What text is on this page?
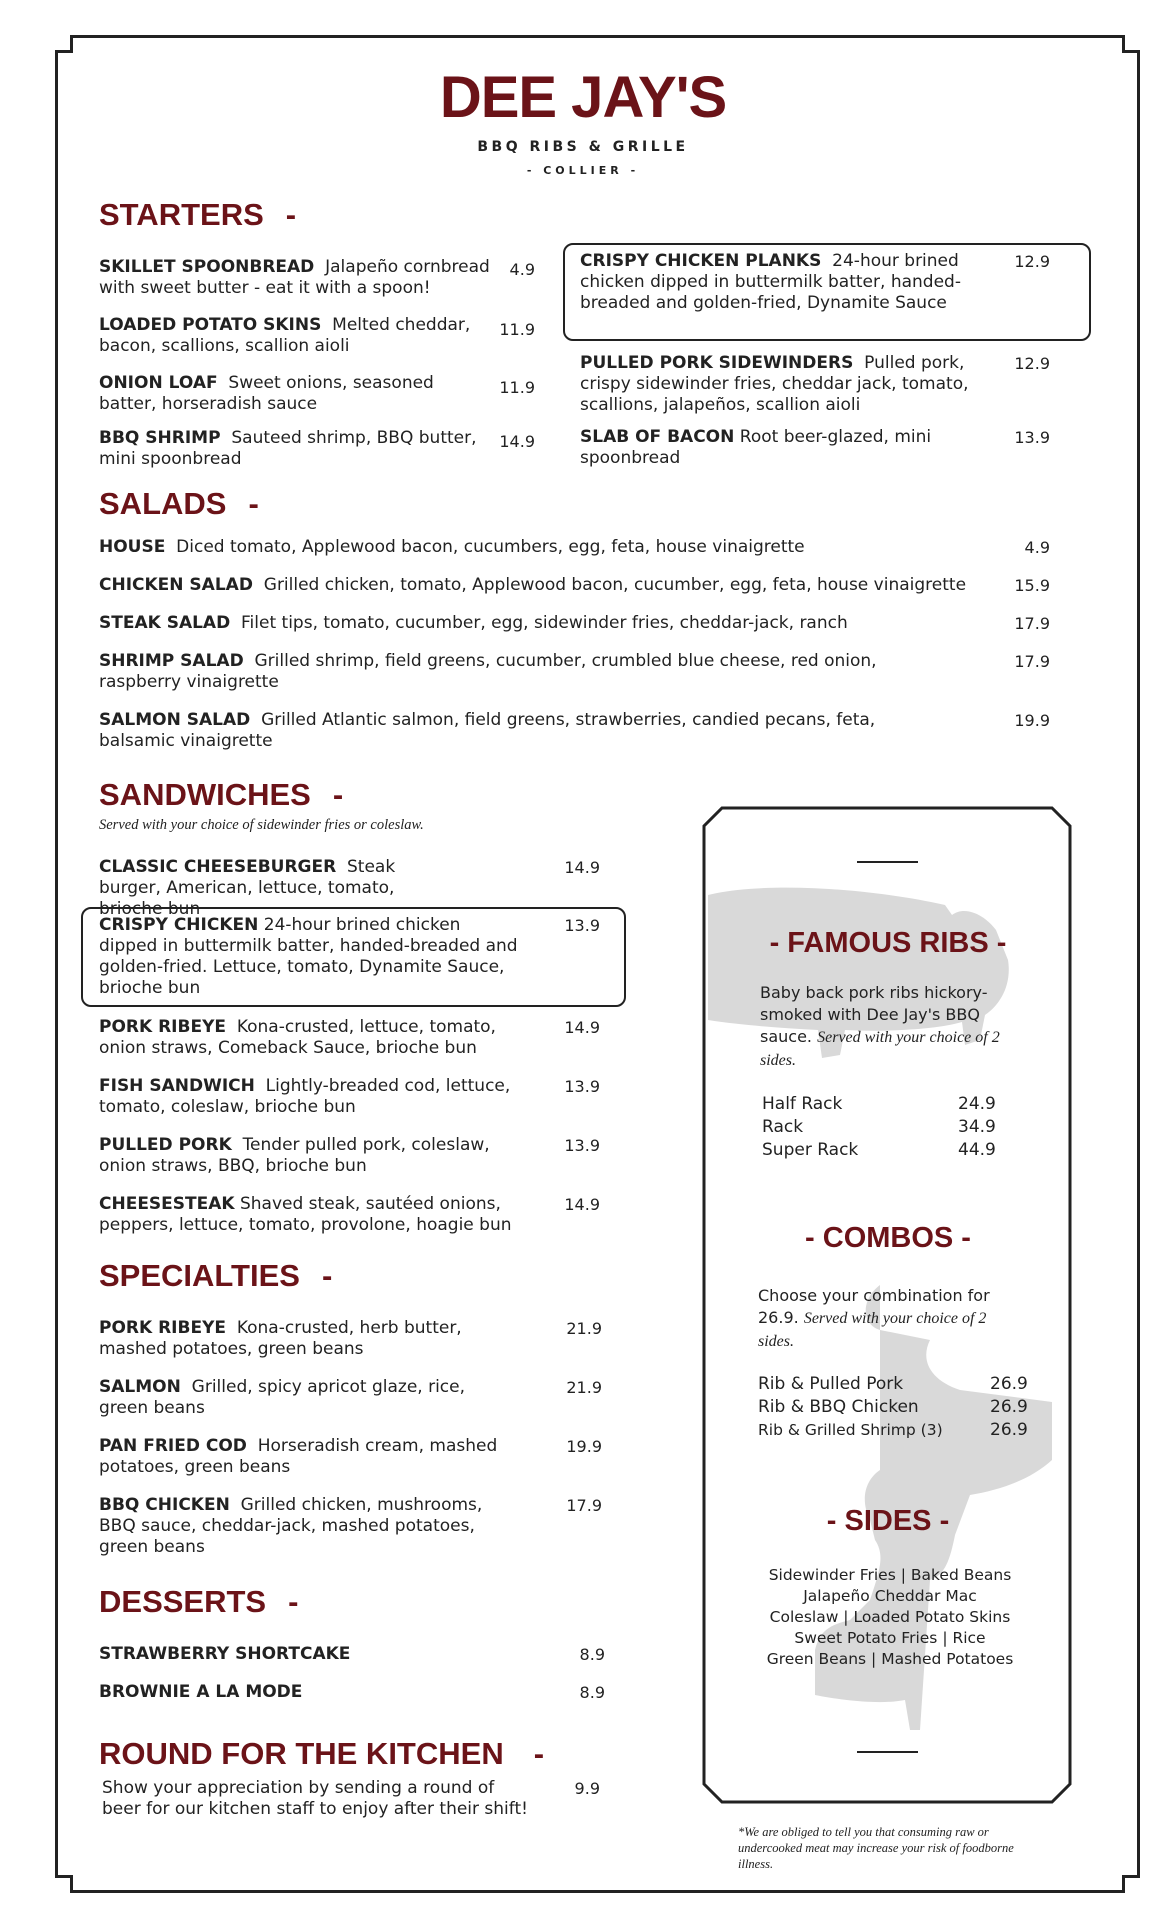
DEE JAY'S
BBQ RIBS & GRILLE
- COLLIER -
STARTERS -
SKILLET SPOONBREAD Jalapeño cornbread with sweet butter - eat it with a spoon!
4.9
LOADED POTATO SKINS Melted cheddar, bacon, scallions, scallion aioli
11.9
ONION LOAF Sweet onions, seasoned batter, horseradish sauce
11.9
BBQ SHRIMP Sauteed shrimp, BBQ butter, mini spoonbread
14.9
CRISPY CHICKEN PLANKS 24-hour brined chicken dipped in buttermilk batter, handed-breaded and golden-fried, Dynamite Sauce
12.9
PULLED PORK SIDEWINDERS Pulled pork, crispy sidewinder fries, cheddar jack, tomato, scallions, jalapeños, scallion aioli
12.9
SLAB OF BACON Root beer-glazed, mini spoonbread
13.9
SALADS -
HOUSE Diced tomato, Applewood bacon, cucumbers, egg, feta, house vinaigrette	4.9
CHICKEN SALAD Grilled chicken, tomato, Applewood bacon, cucumber, egg, feta, house vinaigrette	15.9
STEAK SALAD Filet tips, tomato, cucumber, egg, sidewinder fries, cheddar-jack, ranch	17.9
SHRIMP SALAD Grilled shrimp, field greens, cucumber, crumbled blue cheese, red onion, raspberry vinaigrette
17.9
SALMON SALAD Grilled Atlantic salmon, field greens, strawberries, candied pecans, feta, balsamic vinaigrette
19.9
SANDWICHES -
Served with your choice of sidewinder fries or coleslaw.
CLASSIC CHEESEBURGER Steak burger, American, lettuce, tomato, brioche bun
14.9
CRISPY CHICKEN 24-hour brined chicken dipped in buttermilk batter, handed-breaded and golden-fried. Lettuce, tomato, Dynamite Sauce, brioche bun
13.9
PORK RIBEYE Kona-crusted, lettuce, tomato, onion straws, Comeback Sauce, brioche bun
14.9
FISH SANDWICH Lightly-breaded cod, lettuce, tomato, coleslaw, brioche bun
13.9
PULLED PORK Tender pulled pork, coleslaw, onion straws, BBQ, brioche bun
13.9
CHEESESTEAK Shaved steak, sautéed onions, peppers, lettuce, tomato, provolone, hoagie bun
14.9
SPECIALTIES -
PORK RIBEYE Kona-crusted, herb butter, mashed potatoes, green beans
21.9
SALMON Grilled, spicy apricot glaze, rice, green beans
21.9
PAN FRIED COD Horseradish cream, mashed potatoes, green beans
19.9
BBQ CHICKEN Grilled chicken, mushrooms, BBQ sauce, cheddar-jack, mashed potatoes, green beans
17.9
DESSERTS -
STRAWBERRY SHORTCAKE	8.9
BROWNIE A LA MODE	8.9
ROUND FOR THE KITCHEN -
Show your appreciation by sending a round of beer for our kitchen staff to enjoy after their shift!
9.9
- FAMOUS RIBS -
Baby back pork ribs hickory-smoked with Dee Jay's BBQ sauce. Served with your choice of 2 sides.
Half Rack	24.9
Rack	34.9
Super Rack	44.9
- COMBOS -
Choose your combination for 26.9. Served with your choice of 2 sides.
Rib & Pulled Pork	26.9
Rib & BBQ Chicken	26.9
Rib & Grilled Shrimp (3)	26.9
- SIDES -
Sidewinder Fries | Baked Beans
Jalapeño Cheddar Mac
Coleslaw | Loaded Potato Skins
Sweet Potato Fries | Rice
Green Beans | Mashed Potatoes
*We are obliged to tell you that consuming raw or undercooked meat may increase your risk of foodborne illness.
